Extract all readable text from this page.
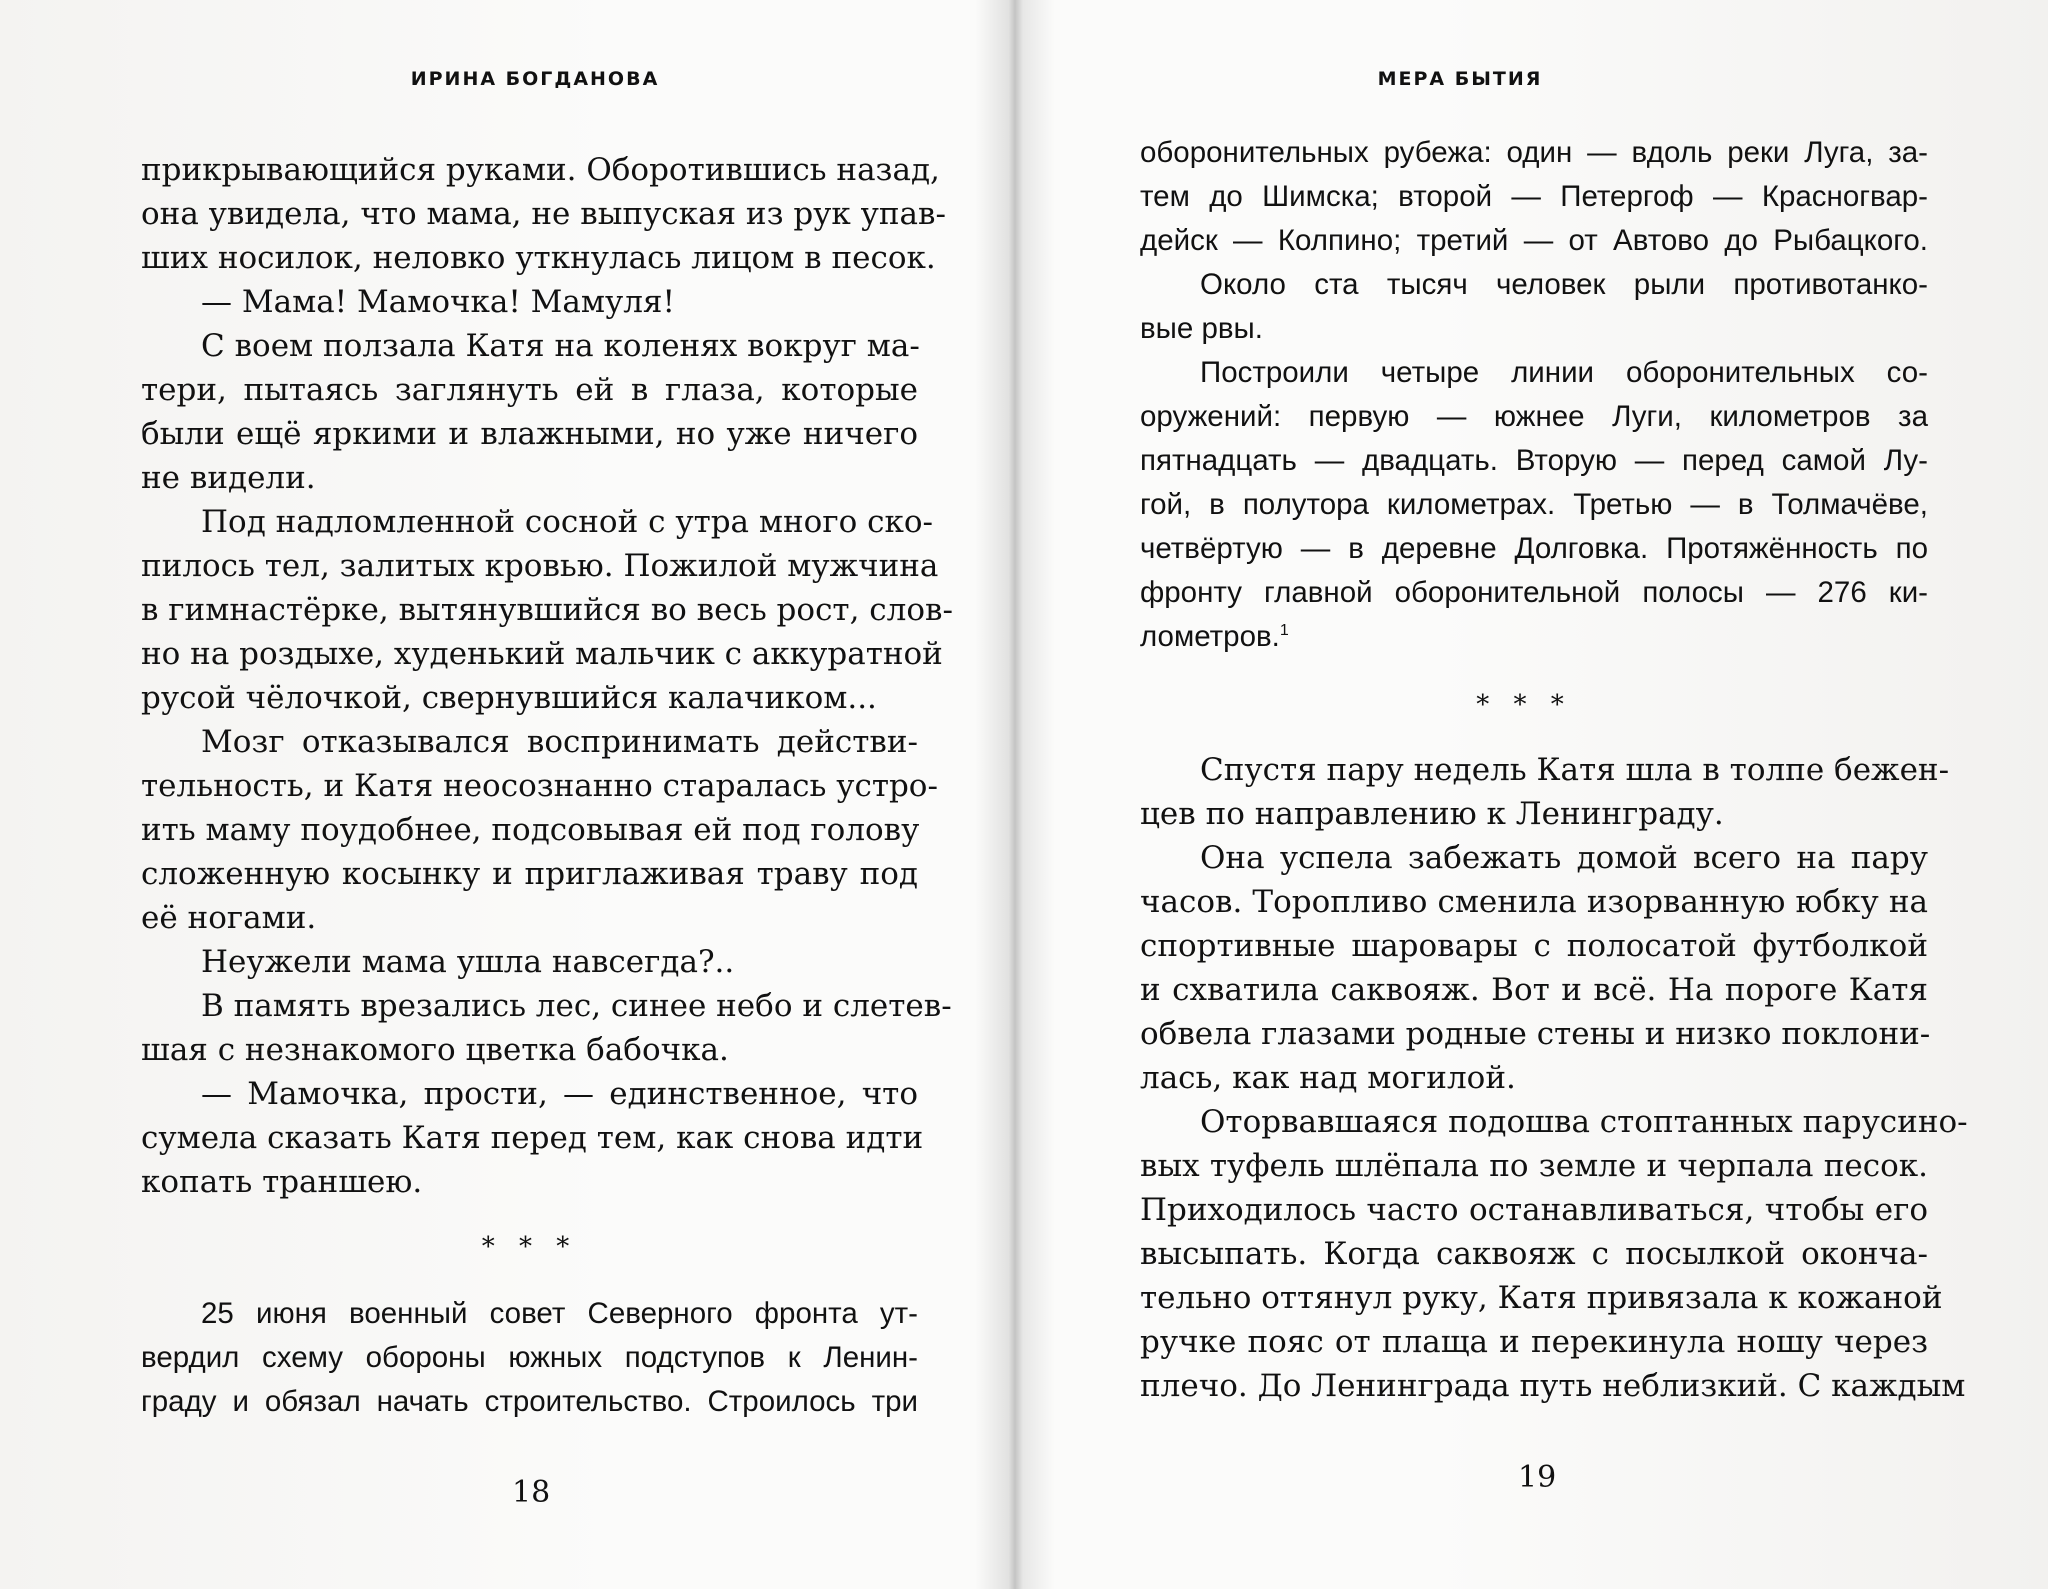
ИРИНА БОГДАНОВА
прикрывающийся руками. Оборотившись назад,
она увидела, что мама, не выпуская из рук упав-
ших носилок, неловко уткнулась лицом в песок.
— Мама! Мамочка! Мамуля!
С воем ползала Катя на коленях вокруг ма-
тери, пытаясь заглянуть ей в глаза, которые
были ещё яркими и влажными, но уже ничего
не видели.
Под надломленной сосной с утра много ско-
пилось тел, залитых кровью. Пожилой мужчина
в гимнастёрке, вытянувшийся во весь рост, слов-
но на роздыхе, худенький мальчик с аккуратной
русой чёлочкой, свернувшийся калачиком...
Мозг отказывался воспринимать действи-
тельность, и Катя неосознанно старалась устро-
ить маму поудобнее, подсовывая ей под голову
сложенную косынку и приглаживая траву под
её ногами.
Неужели мама ушла навсегда?..
В память врезались лес, синее небо и слетев-
шая с незнакомого цветка бабочка.
— Мамочка, прости, — единственное, что
сумела сказать Катя перед тем, как снова идти
копать траншею.
* * *
25 июня военный совет Северного фронта ут-
вердил схему обороны южных подступов к Ленин-
граду и обязал начать строительство. Строилось три
18
МЕРА БЫТИЯ
оборонительных рубежа: один — вдоль реки Луга, за-
тем до Шимска; второй — Петергоф — Красногвар-
дейск — Колпино; третий — от Автово до Рыбацкого.
Около ста тысяч человек рыли противотанко-
вые рвы.
Построили четыре линии оборонительных со-
оружений: первую — южнее Луги, километров за
пятнадцать — двадцать. Вторую — перед самой Лу-
гой, в полутора километрах. Третью — в Толмачёве,
четвёртую — в деревне Долговка. Протяжённость по
фронту главной оборонительной полосы — 276 ки-
лометров.$^1$
* * *
Спустя пару недель Катя шла в толпе бежен-
цев по направлению к Ленинграду.
Она успела забежать домой всего на пару
часов. Торопливо сменила изорванную юбку на
спортивные шаровары с полосатой футболкой
и схватила саквояж. Вот и всё. На пороге Катя
обвела глазами родные стены и низко поклони-
лась, как над могилой.
Оторвавшаяся подошва стоптанных парусино-
вых туфель шлёпала по земле и черпала песок.
Приходилось часто останавливаться, чтобы его
высыпать. Когда саквояж с посылкой оконча-
тельно оттянул руку, Катя привязала к кожаной
ручке пояс от плаща и перекинула ношу через
плечо. До Ленинграда путь неблизкий. С каждым
19
